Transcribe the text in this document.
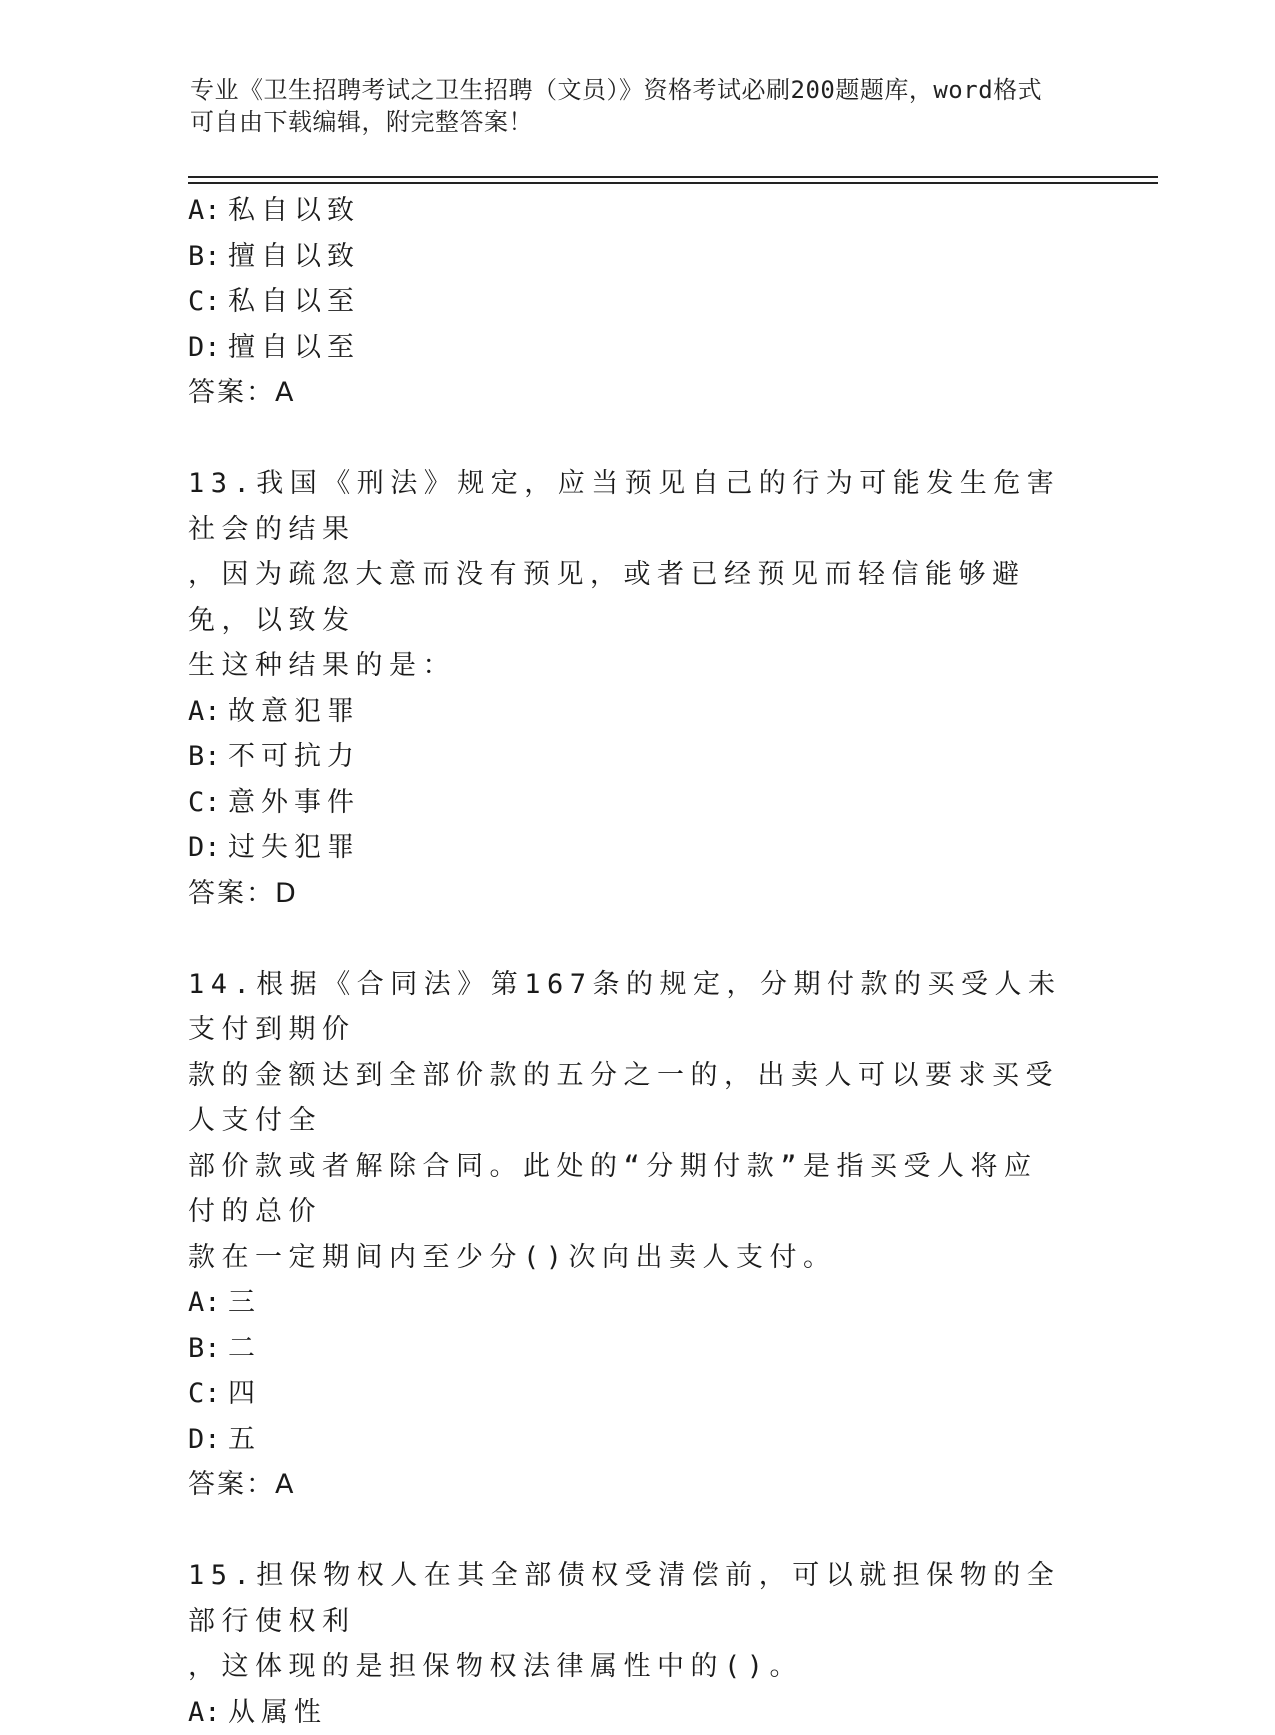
专业《卫生招聘考试之卫生招聘（文员）》资格考试必刷200题题库，word格式
可自由下载编辑，附完整答案！
A: 私自以致
B: 擅自以致
C: 私自以至
D: 擅自以至
答案：A
13.我国《刑法》规定，应当预见自己的行为可能发生危害社会的结果
，因为疏忽大意而没有预见，或者已经预见而轻信能够避免，以致发
生这种结果的是：
A: 故意犯罪
B: 不可抗力
C: 意外事件
D: 过失犯罪
答案：D
14.根据《合同法》第167条的规定，分期付款的买受人未支付到期价
款的金额达到全部价款的五分之一的，出卖人可以要求买受人支付全
部价款或者解除合同。此处的“分期付款”是指买受人将应付的总价
款在一定期间内至少分()次向出卖人支付。
A: 三
B: 二
C: 四
D: 五
答案：A
15.担保物权人在其全部债权受清偿前，可以就担保物的全部行使权利
，这体现的是担保物权法律属性中的()。
A: 从属性
